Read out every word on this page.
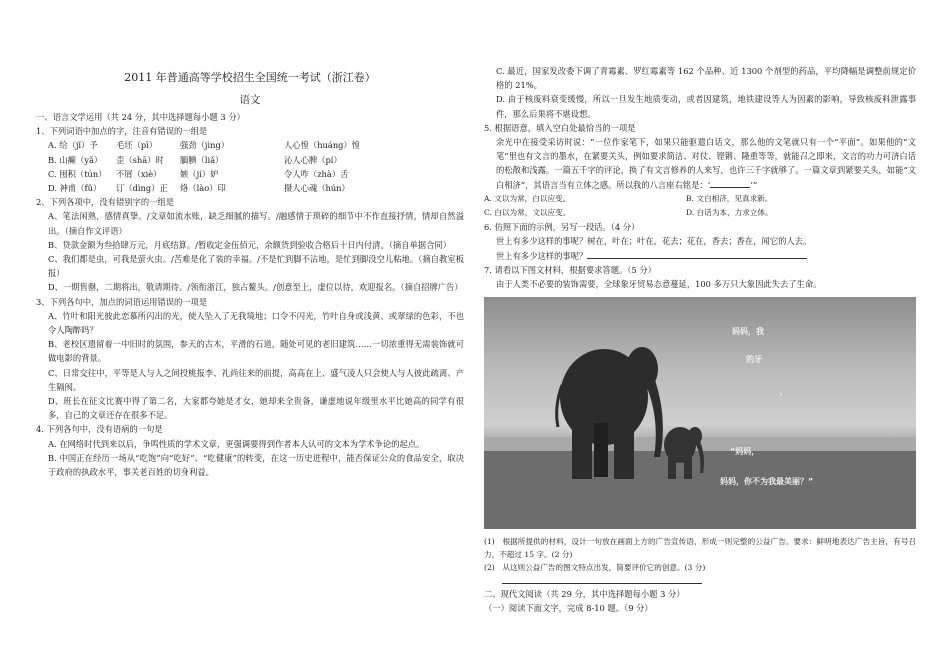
2011 年普通高等学校招生全国统一考试（浙江卷）
语文

一、语言文学运用（共 24 分，其中选择题每小题 3 分）

1、下列词语中加点的字，注音有错误的一组是

A. 给（jǐ）予	毛坯（pī）	强劲（jìng）	人心惶（huáng）惶
B. 山癫（yǎ）	歪（shā）时	腼腆（liǎ）	沁人心脾（pí）
C. 囤积（tún）	不屑（xiè）	嫉（jí）妒	令人咋（zhà）舌
D. 神甫（fǔ）	订（dìng）正	烙（lào）印	摄人心魂（hún）

2、下列各项中，没有错别字的一组是

A、笔法闲熟，感情真挚。/文章如流水账，缺乏细腻的描写。/融感情于琐碎的细节中不作直接抒情，情却自然溢出。（摘自作文评语）

B、贷款金额为叁拾肆万元，月底结算。/暂收定金伍佰元，余额货到验收合格后十日内付清。（摘自单据合同）

C、我们都是虫，可我是萤火虫。/苦难是化了装的幸福。/不是忙到脚不沾地，是忙到脚没空儿粘地。（摘自教室板报）

D、一期售罄，二期将出，敬请期待。/领衔浙江，独占鳌头。/创意至上，虚位以待，欢迎报名。（摘自招牌广告）

3、下列各句中，加点的词语运用错误的一项是

A、竹叶和阳光彼此恋慕所闪出的光，使人坠入了无我境地；口令不闪光，竹叶自身或浅黄、或翠绿的色彩，不也令人陶醉吗？

B、老校区遗留着一中旧时的氛围，参天的古木，平滑的石道，随处可见的老旧建筑……一切浓重得无需装饰就可做电影的背景。

C、日常交往中，平等是人与人之间投桃报李、礼尚往来的前提，高高在上、盛气凌人只会使人与人彼此疏离、产生隔阂。

D、班长在征文比赛中得了第二名，大家都夸她是才女，她却来全贵备，谦虚地说年级里水平比她高的同学有很多，自己的文章还存在很多不足。

4. 下列各句中，没有语病的一句是

A. 在网络时代到来以后，争鸣性质的学术文章，更强调要得到作者本人认可的文本为学术争论的起点。

B. 中国正在经历一场从“吃饱”向“吃好”、“吃健康”的转变，在这一历史进程中，能否保证公众的食品安全，取决于政府的执政水平，事关老百姓的切身利益。

C. 最近，国家发改委下调了青霉素、罗红霉素等 162 个品种、近 1300 个剂型的药品，平均降幅是调整前规定价格的 21%。

D. 由于核废料衰变缓慢，所以一旦发生地质变动，或者因建筑，地铁建设等人为因素的影响，导致核废料泄露事件，那么后果将不堪设想。

5. 根据语意，填入空白处最恰当的一项是

余光中在接受采访时说：“一位作家笔下，如果只能驱遣白话文，那么他的文笔就只有一个“平面”。如果他的“文笔”里也有文言的墨水，在紧要关头，例如要求简洁、对仗、铿锵、隆重等等，就能召之即来，文言的功力可济白话的松散和浅露。一篇五千字的评论，换了有文言修养的人来写，也许三千字就够了。一篇文章到紧要关头，如能“文白相济”，其语言当有立体之感。所以我的八言座右铭是：‘	’”

A. 文以为常，白以应变。	B. 文白相济，见真求新。
C. 白以为常，文以应变。	D. 白话为本，力求立体。

6. 仿照下面的示例，另写一段话。（4 分）

世上有多少这样的事呢？树在，叶在；叶在，花去；花在，香去；香在，闻它的人去。

世上有多少这样的事呢？

7. 请看以下图文材料，根据要求答题。（5 分）

由于人类不必要的装饰需要，全球象牙贸易态意蔓延，100 多万只大象因此失去了生命。

妈妈，我
的牙
，
“妈妈，
妈妈，你不为我最美丽？”

(1)　根据所提供的材料，设计一句放在画面上方的广告宣传语，形成一则完整的公益广告。要求：鲜明地表达广告主旨，有号召力，不超过 15 字。(2 分)

(2)　从这则公益广告的图文特点出发，简要评价它的创意。(3 分)

二、现代文阅读（共 29 分，其中选择题每小题 3 分）

（一）阅读下面文字，完成 8-10 题。（9 分）
